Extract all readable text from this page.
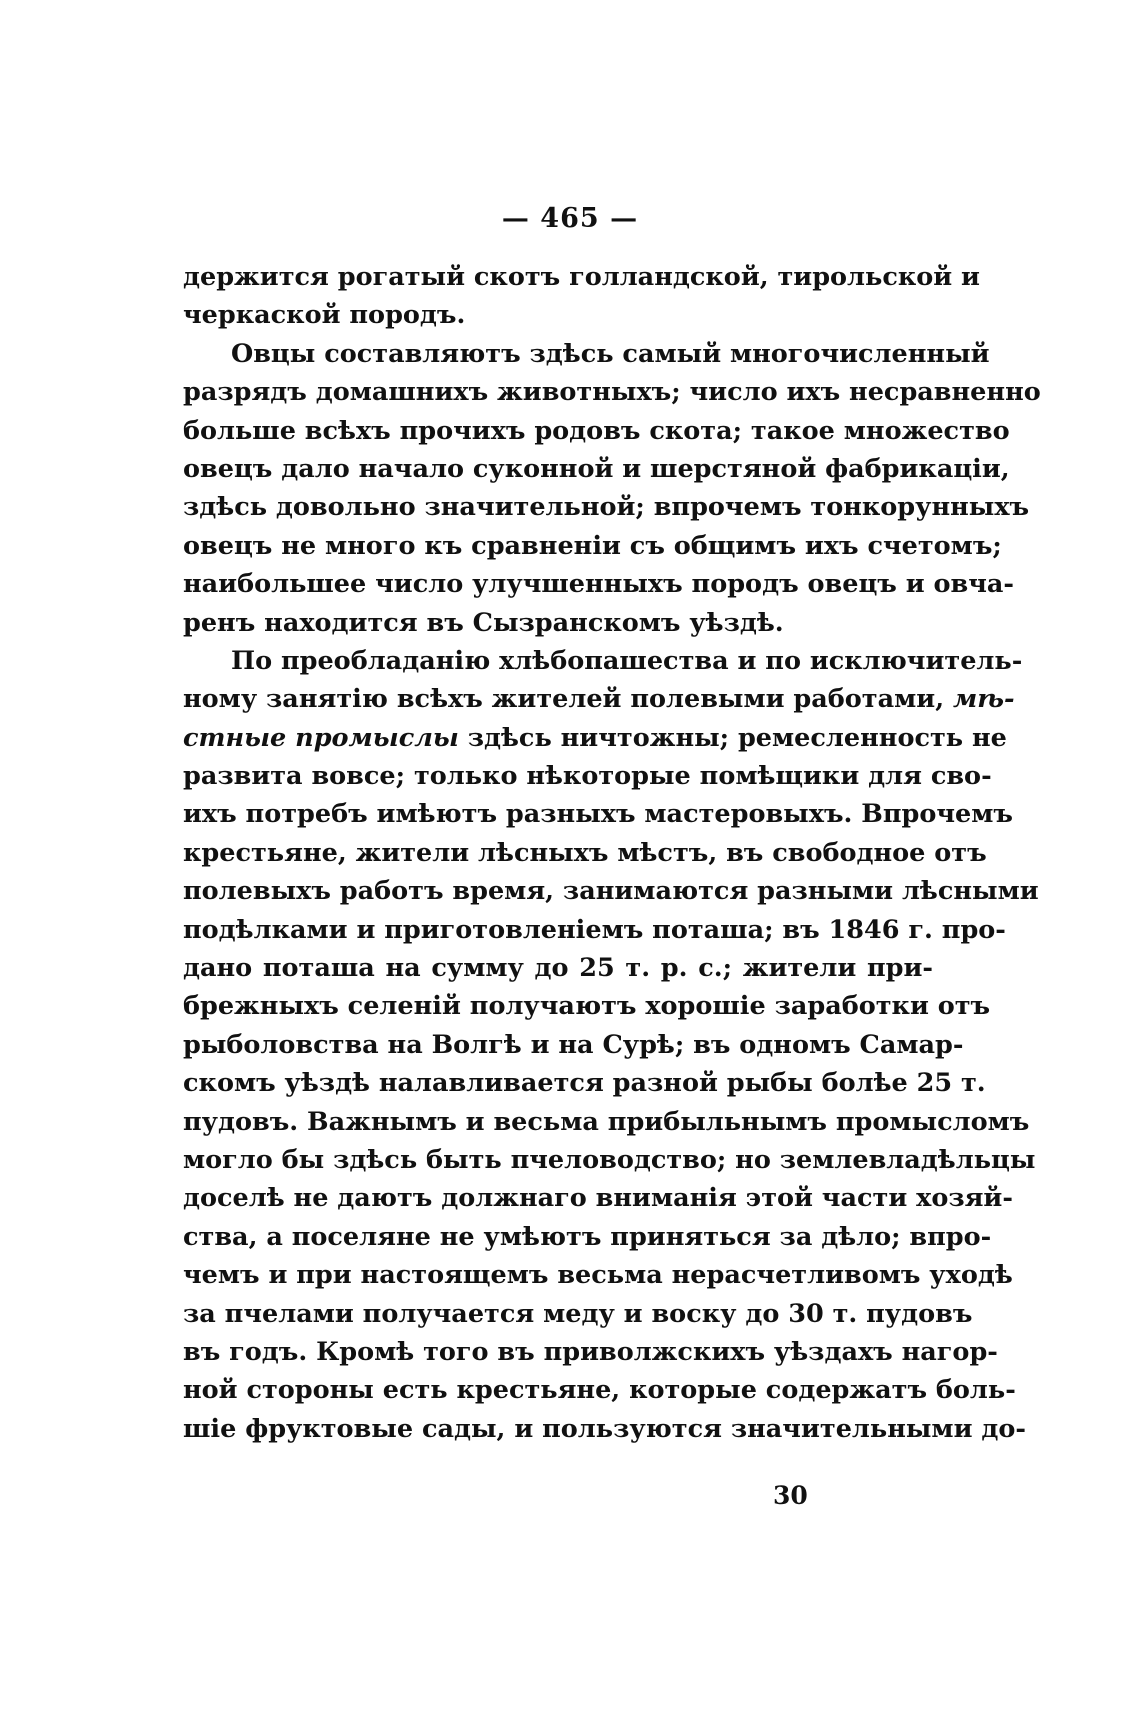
— 465 —
держится рогатый скотъ голландской, тирольской и
черкаской породъ.
Овцы составляютъ здѣсь самый многочисленный
разрядъ домашнихъ животныхъ; число ихъ несравненно
больше всѣхъ прочихъ родовъ скота; такое множество
овецъ дало начало суконной и шерстяной фабрикаціи,
здѣсь довольно значительной; впрочемъ тонкорунныхъ
овецъ не много къ сравненіи съ общимъ ихъ счетомъ;
наибольшее число улучшенныхъ породъ овецъ и овча-
ренъ находится въ Сызранскомъ уѣздѣ.
По преобладанію хлѣбопашества и по исключитель-
ному занятію всѣхъ жителей полевыми работами, мѣ-
стные промыслы здѣсь ничтожны; ремесленность не
развита вовсе; только нѣкоторые помѣщики для сво-
ихъ потребъ имѣютъ разныхъ мастеровыхъ. Впрочемъ
крестьяне, жители лѣсныхъ мѣстъ, въ свободное отъ
полевыхъ работъ время, занимаются разными лѣсными
подѣлками и приготовленіемъ поташа; въ 1846 г. про-
дано поташа на сумму до 25 т. р. с.; жители при-
брежныхъ селеній получаютъ хорошіе заработки отъ
рыболовства на Волгѣ и на Сурѣ; въ одномъ Самар-
скомъ уѣздѣ налавливается разной рыбы болѣе 25 т.
пудовъ. Важнымъ и весьма прибыльнымъ промысломъ
могло бы здѣсь быть пчеловодство; но землевладѣльцы
доселѣ не даютъ должнаго вниманія этой части хозяй-
ства, а поселяне не умѣютъ приняться за дѣло; впро-
чемъ и при настоящемъ весьма нерасчетливомъ уходѣ
за пчелами получается меду и воску до 30 т. пудовъ
въ годъ. Кромѣ того въ приволжскихъ уѣздахъ нагор-
ной стороны есть крестьяне, которые содержатъ боль-
шіе фруктовые сады, и пользуются значительными до-
30
